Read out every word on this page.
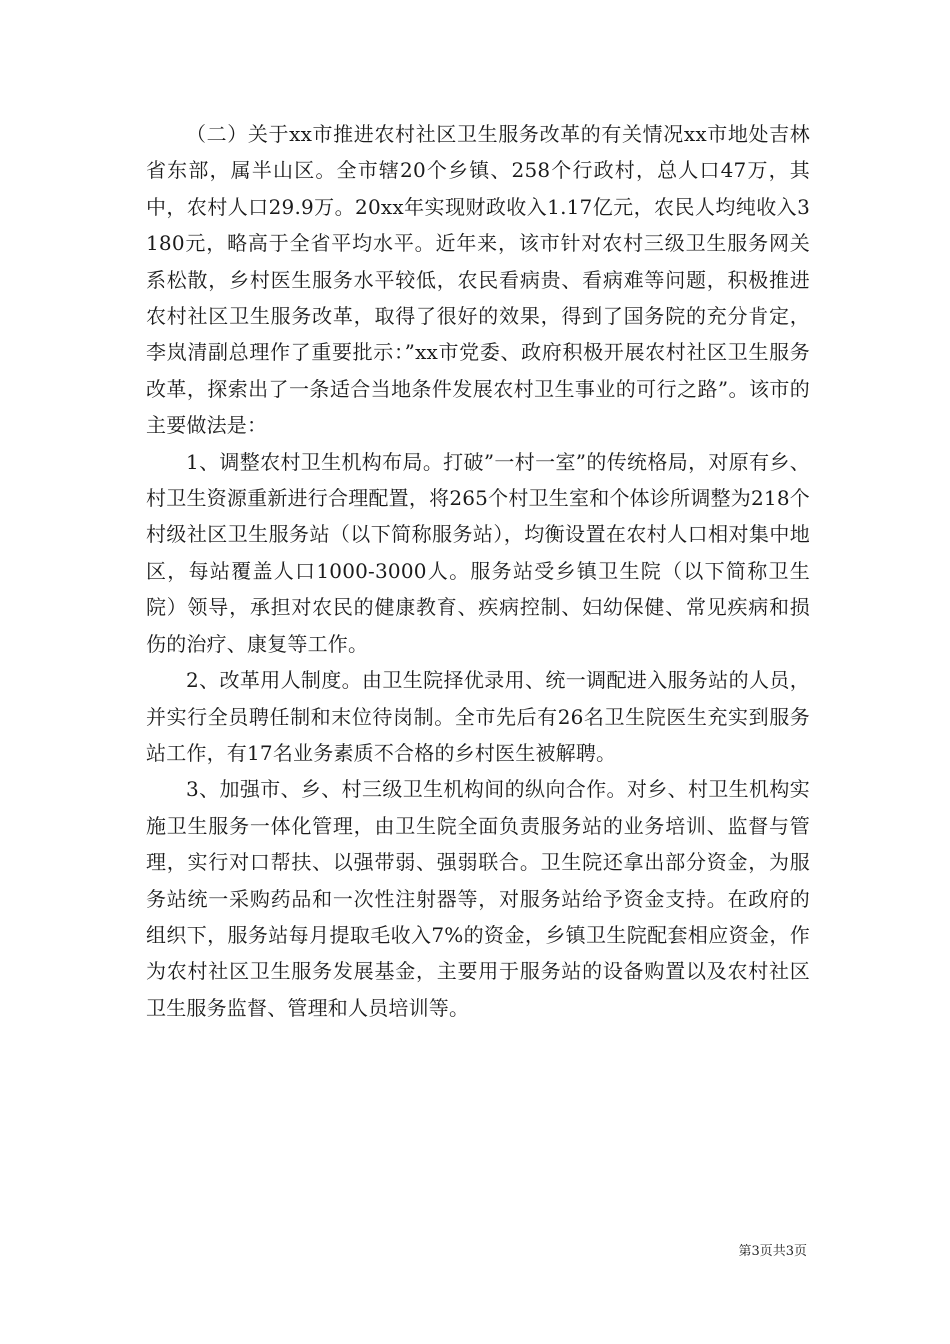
（二）关于xx市推进农村社区卫生服务改革的有关情况xx市地处吉林省东部，属半山区。全市辖20个乡镇、258个行政村，总人口47万，其中，农村人口29.9万。20xx年实现财政收入1.17亿元，农民人均纯收入3180元，略高于全省平均水平。近年来，该市针对农村三级卫生服务网关系松散，乡村医生服务水平较低，农民看病贵、看病难等问题，积极推进农村社区卫生服务改革，取得了很好的效果，得到了国务院的充分肯定，李岚清副总理作了重要批示：”xx市党委、政府积极开展农村社区卫生服务改革，探索出了一条适合当地条件发展农村卫生事业的可行之路”。该市的主要做法是：

1、调整农村卫生机构布局。打破”一村一室”的传统格局，对原有乡、村卫生资源重新进行合理配置，将265个村卫生室和个体诊所调整为218个村级社区卫生服务站（以下简称服务站），均衡设置在农村人口相对集中地区，每站覆盖人口1000-3000人。服务站受乡镇卫生院（以下简称卫生院）领导，承担对农民的健康教育、疾病控制、妇幼保健、常见疾病和损伤的治疗、康复等工作。

2、改革用人制度。由卫生院择优录用、统一调配进入服务站的人员，并实行全员聘任制和末位待岗制。全市先后有26名卫生院医生充实到服务站工作，有17名业务素质不合格的乡村医生被解聘。

3、加强市、乡、村三级卫生机构间的纵向合作。对乡、村卫生机构实施卫生服务一体化管理，由卫生院全面负责服务站的业务培训、监督与管理，实行对口帮扶、以强带弱、强弱联合。卫生院还拿出部分资金，为服务站统一采购药品和一次性注射器等，对服务站给予资金支持。在政府的组织下，服务站每月提取毛收入7%的资金，乡镇卫生院配套相应资金，作为农村社区卫生服务发展基金，主要用于服务站的设备购置以及农村社区卫生服务监督、管理和人员培训等。

第3页共3页
